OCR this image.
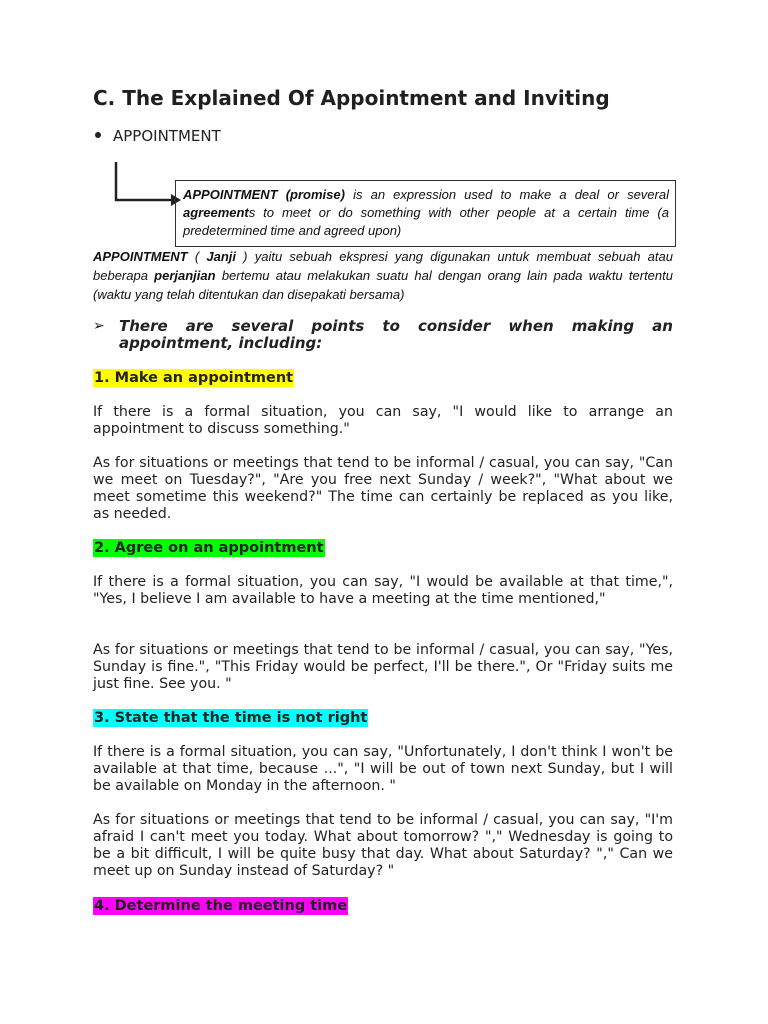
C. The Explained Of Appointment and Inviting
APPOINTMENT
APPOINTMENT (promise) is an expression used to make a deal or several agreements to meet or do something with other people at a certain time (a predetermined time and agreed upon)
APPOINTMENT ( Janji ) yaitu sebuah ekspresi yang digunakan untuk membuat sebuah atau beberapa perjanjian bertemu atau melakukan suatu hal dengan orang lain pada waktu tertentu (waktu yang telah ditentukan dan disepakati bersama)
➢ There are several points to consider when making an appointment, including:
1. Make an appointment
If there is a formal situation, you can say, "I would like to arrange an appointment to discuss something."
As for situations or meetings that tend to be informal / casual, you can say, "Can we meet on Tuesday?", "Are you free next Sunday / week?", "What about we meet sometime this weekend?" The time can certainly be replaced as you like, as needed.
2. Agree on an appointment
If there is a formal situation, you can say, "I would be available at that time,", "Yes, I believe I am available to have a meeting at the time mentioned,"
As for situations or meetings that tend to be informal / casual, you can say, "Yes, Sunday is fine.", "This Friday would be perfect, I'll be there.", Or "Friday suits me just fine. See you. "
3. State that the time is not right
If there is a formal situation, you can say, "Unfortunately, I don't think I won't be available at that time, because ...", "I will be out of town next Sunday, but I will be available on Monday in the afternoon. "
As for situations or meetings that tend to be informal / casual, you can say, "I'm afraid I can't meet you today. What about tomorrow? "," Wednesday is going to be a bit difficult, I will be quite busy that day. What about Saturday? "," Can we meet up on Sunday instead of Saturday? "
4. Determine the meeting time
